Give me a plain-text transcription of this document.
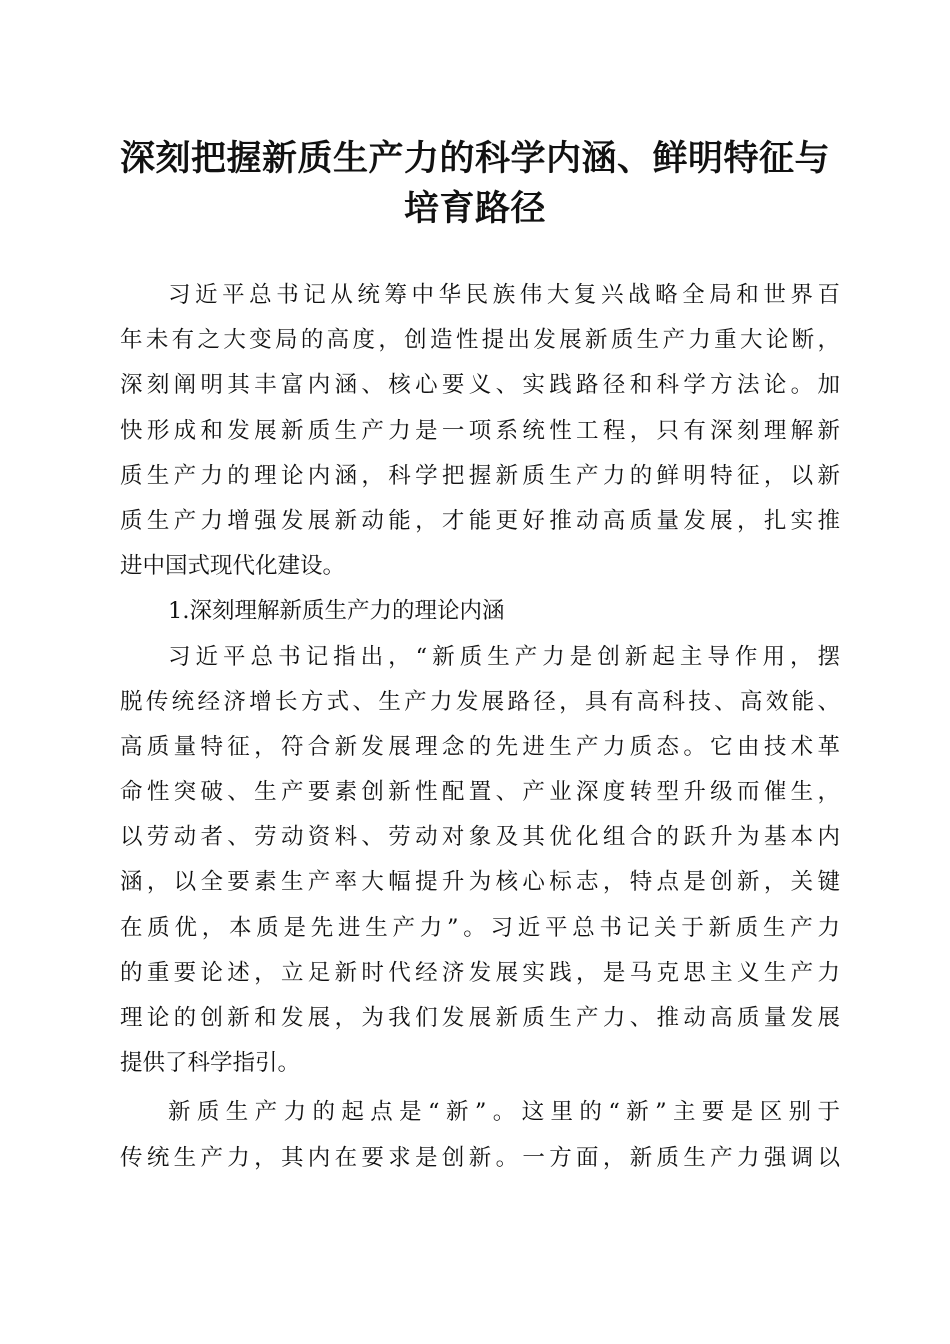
深刻把握新质生产力的科学内涵、鲜明特征与
培育路径
习近平总书记从统筹中华民族伟大复兴战略全局和世界百
年未有之大变局的高度，创造性提出发展新质生产力重大论断，
深刻阐明其丰富内涵、核心要义、实践路径和科学方法论。加
快形成和发展新质生产力是一项系统性工程，只有深刻理解新
质生产力的理论内涵，科学把握新质生产力的鲜明特征，以新
质生产力增强发展新动能，才能更好推动高质量发展，扎实推
进中国式现代化建设。
1.深刻理解新质生产力的理论内涵
习近平总书记指出，“新质生产力是创新起主导作用，摆
脱传统经济增长方式、生产力发展路径，具有高科技、高效能、
高质量特征，符合新发展理念的先进生产力质态。它由技术革
命性突破、生产要素创新性配置、产业深度转型升级而催生，
以劳动者、劳动资料、劳动对象及其优化组合的跃升为基本内
涵，以全要素生产率大幅提升为核心标志，特点是创新，关键
在质优，本质是先进生产力”。习近平总书记关于新质生产力
的重要论述，立足新时代经济发展实践，是马克思主义生产力
理论的创新和发展，为我们发展新质生产力、推动高质量发展
提供了科学指引。
新质生产力的起点是“新”。这里的“新”主要是区别于
传统生产力，其内在要求是创新。一方面，新质生产力强调以
